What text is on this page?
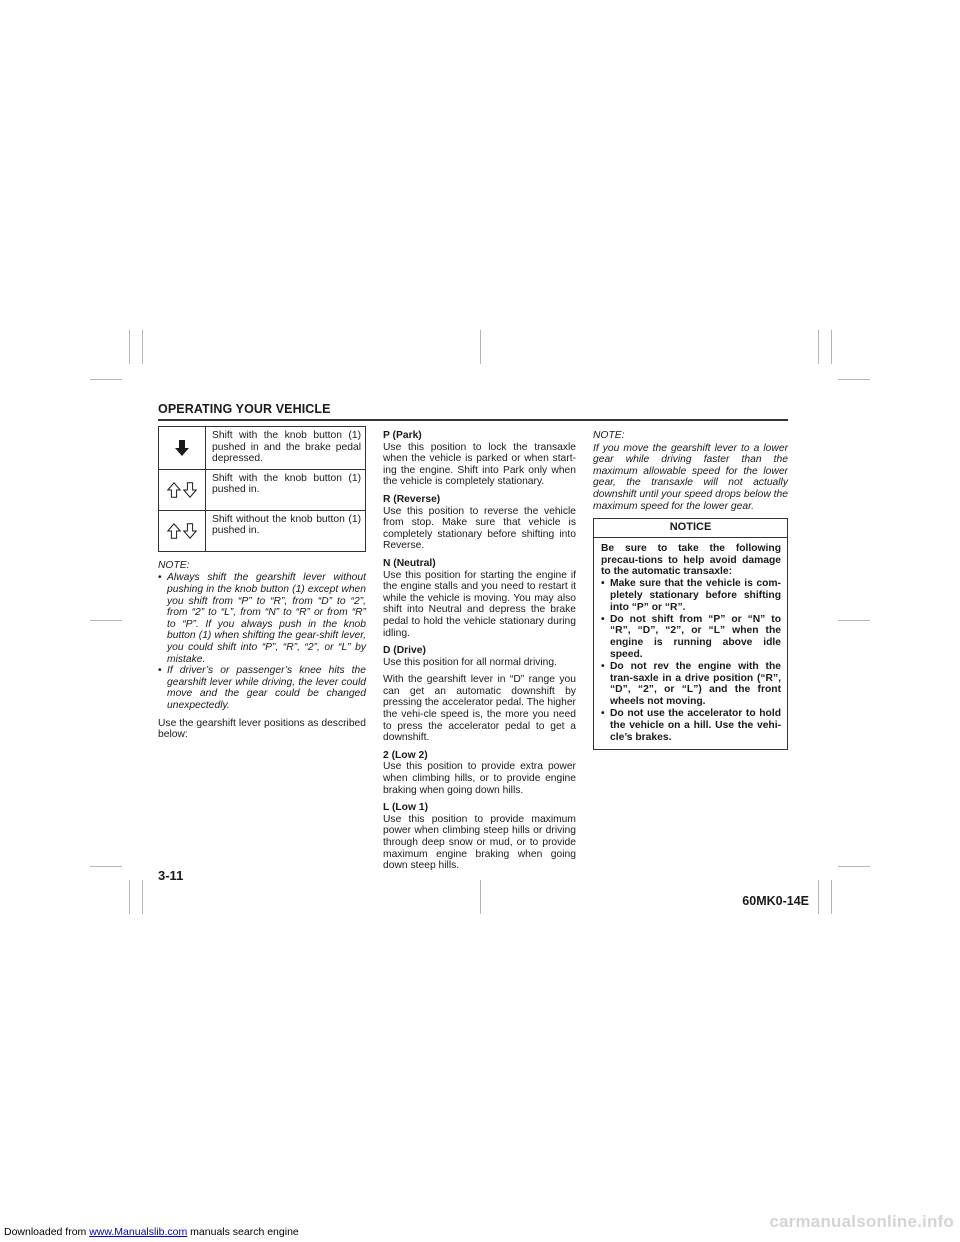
OPERATING YOUR VEHICLE
	Shift with the knob button (1) pushed in and the brake pedal depressed.
	Shift with the knob button (1) pushed in.
	Shift without the knob button (1) pushed in.
NOTE:
• Always shift the gearshift lever without pushing in the knob button (1) except when you shift from “P” to “R”, from “D” to “2”, from “2” to “L”, from “N” to “R” or from “R” to “P”. If you always push in the knob button (1) when shifting the gear-shift lever, you could shift into “P”, “R”, “2”, or “L” by mistake.
• If driver’s or passenger’s knee hits the gearshift lever while driving, the lever could move and the gear could be changed unexpectedly.

Use the gearshift lever positions as described below:

P (Park)
Use this position to lock the transaxle when the vehicle is parked or when start-ing the engine. Shift into Park only when the vehicle is completely stationary.

R (Reverse)
Use this position to reverse the vehicle from stop. Make sure that vehicle is completely stationary before shifting into Reverse.

N (Neutral)
Use this position for starting the engine if the engine stalls and you need to restart it while the vehicle is moving. You may also shift into Neutral and depress the brake pedal to hold the vehicle stationary during idling.

D (Drive)
Use this position for all normal driving.

With the gearshift lever in “D” range you can get an automatic downshift by pressing the accelerator pedal. The higher the vehi-cle speed is, the more you need to press the accelerator pedal to get a downshift.

2 (Low 2)
Use this position to provide extra power when climbing hills, or to provide engine braking when going down hills.

L (Low 1)
Use this position to provide maximum power when climbing steep hills or driving through deep snow or mud, or to provide maximum engine braking when going down steep hills.

NOTE:

If you move the gearshift lever to a lower gear while driving faster than the maximum allowable speed for the lower gear, the transaxle will not actually downshift until your speed drops below the maximum speed for the lower gear.

NOTICE

Be sure to take the following precau-tions to help avoid damage to the automatic transaxle:

• Make sure that the vehicle is com-pletely stationary before shifting into “P” or “R”.
• Do not shift from “P” or “N” to “R”, “D”, “2”, or “L” when the engine is running above idle speed.
• Do not rev the engine with the tran-saxle in a drive position (“R”, “D”, “2”, or “L”) and the front wheels not moving.
• Do not use the accelerator to hold the vehicle on a hill. Use the vehi-cle’s brakes.
3-11
60MK0-14E
Downloaded from www.Manualslib.com manuals search engine
carmanualsonline.info
